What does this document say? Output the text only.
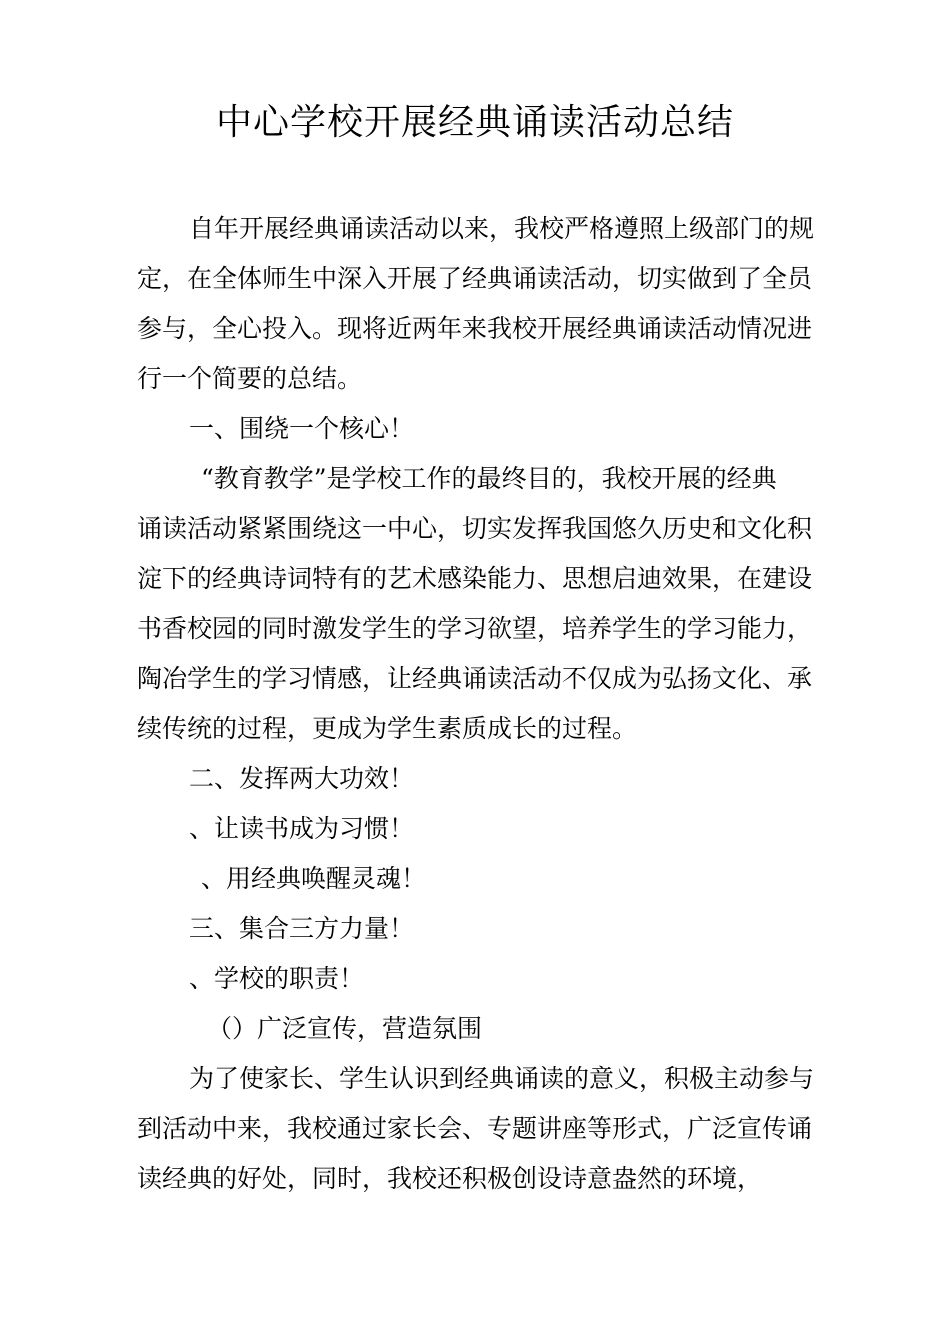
中心学校开展经典诵读活动总结

自年开展经典诵读活动以来，我校严格遵照上级部门的规

定，在全体师生中深入开展了经典诵读活动，切实做到了全员

参与，全心投入。现将近两年来我校开展经典诵读活动情况进

行一个简要的总结。

一、围绕一个核心！

“教育教学”是学校工作的最终目的，我校开展的经典

诵读活动紧紧围绕这一中心，切实发挥我国悠久历史和文化积

淀下的经典诗词特有的艺术感染能力、思想启迪效果，在建设

书香校园的同时激发学生的学习欲望，培养学生的学习能力，

陶冶学生的学习情感，让经典诵读活动不仅成为弘扬文化、承

续传统的过程，更成为学生素质成长的过程。

二、发挥两大功效！

、让读书成为习惯！

、用经典唤醒灵魂！

三、集合三方力量！

、学校的职责！

（）广泛宣传，营造氛围

为了使家长、学生认识到经典诵读的意义，积极主动参与

到活动中来，我校通过家长会、专题讲座等形式，广泛宣传诵

读经典的好处，同时，我校还积极创设诗意盎然的环境，
